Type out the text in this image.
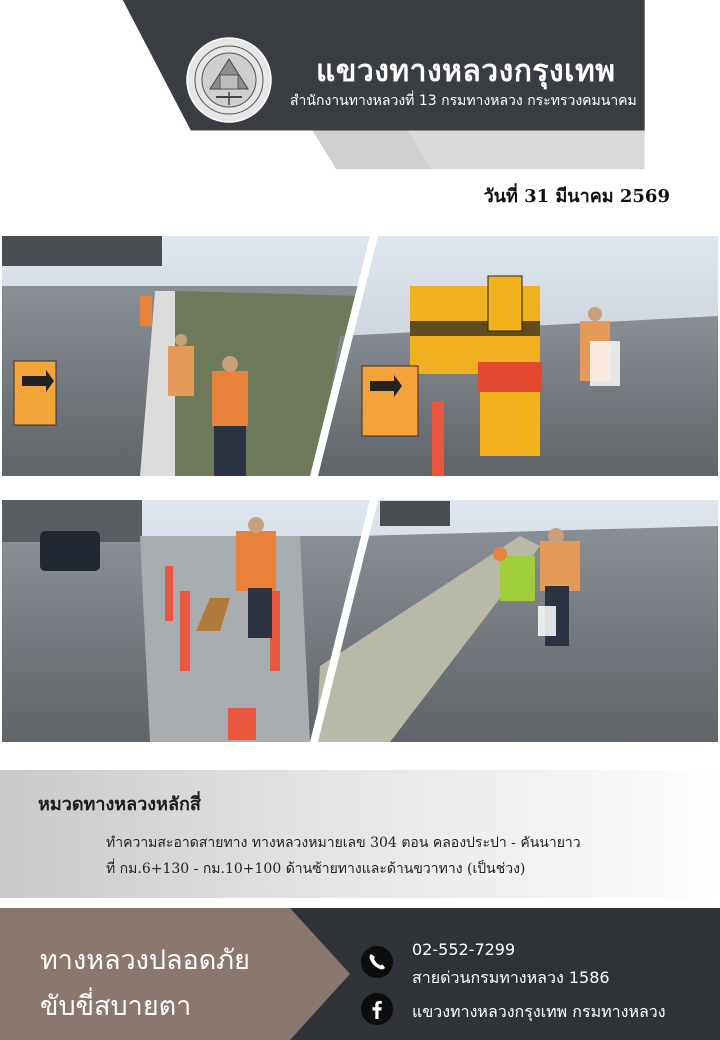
แขวงทางหลวงกรุงเทพ
สำนักงานทางหลวงที่ 13 กรมทางหลวง กระทรวงคมนาคม
วันที่ 31 มีนาคม 2569
หมวดทางหลวงหลักสี่
ทำความสะอาดสายทาง ทางหลวงหมายเลข 304 ตอน คลองประปา - คันนายาว
ที่ กม.6+130 - กม.10+100 ด้านซ้ายทางและด้านขวาทาง (เป็นช่วง)
ทางหลวงปลอดภัย
ขับขี่สบายตา
02-552-7299
สายด่วนกรมทางหลวง 1586
แขวงทางหลวงกรุงเทพ กรมทางหลวง
